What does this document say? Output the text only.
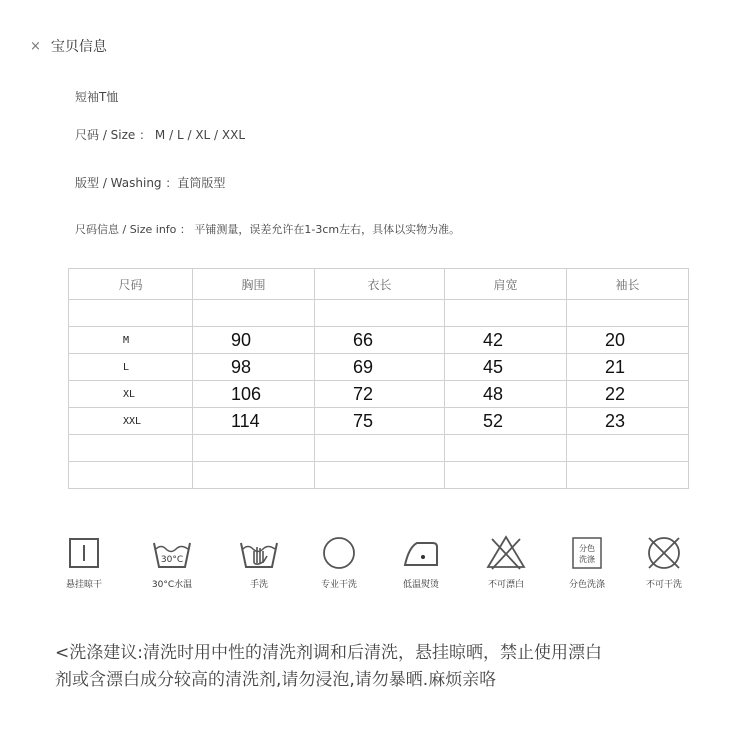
× 宝贝信息
短袖T恤
尺码 / Size ： M / L / XL / XXL
版型 / Washing ：直筒版型
尺码信息 / Size info ： 平铺测量，误差允许在1-3cm左右，具体以实物为准。
尺码	胸围	衣长	肩宽	袖长

M	90	66	42	20
L	98	69	45	21
XL	106	72	48	22
XXL	114	75	52	23

悬挂晾干
30°C
30°C水温	手洗	专业干洗	低温熨烫	不可漂白
分色
洗涤
分色洗涤	不可干洗
<洗涤建议:清洗时用中性的清洗剂调和后清洗，悬挂晾晒，禁止使用漂白
剂或含漂白成分较高的清洗剂,请勿浸泡,请勿暴晒.麻烦亲咯
